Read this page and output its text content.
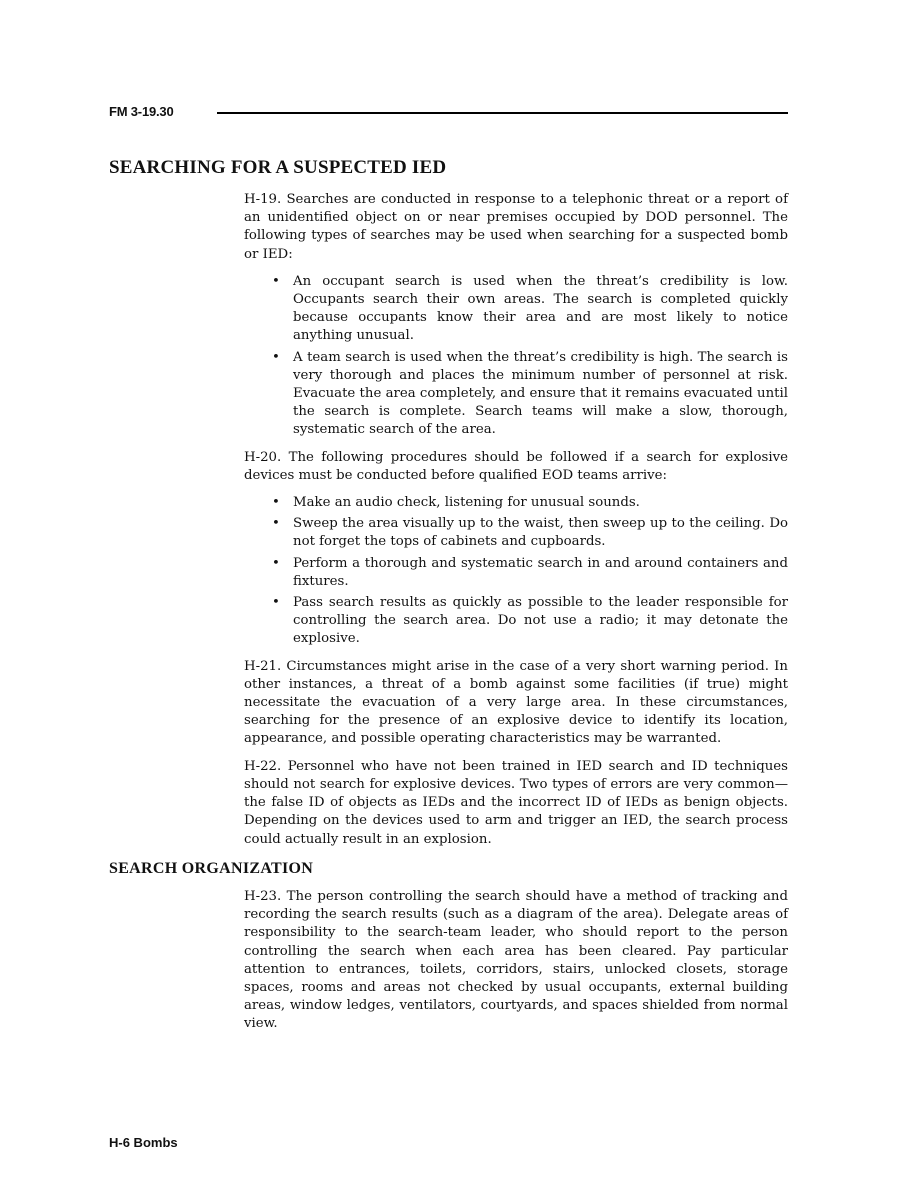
FM 3-19.30
SEARCHING FOR A SUSPECTED IED

H-19. Searches are conducted in response to a telephonic threat or a report of an unidentified object on or near premises occupied by DOD personnel. The following types of searches may be used when searching for a suspected bomb or IED:

• An occupant search is used when the threat’s credibility is low. Occupants search their own areas. The search is completed quickly because occupants know their area and are most likely to notice anything unusual.
• A team search is used when the threat’s credibility is high. The search is very thorough and places the minimum number of personnel at risk. Evacuate the area completely, and ensure that it remains evacuated until the search is complete. Search teams will make a slow, thorough, systematic search of the area.

H-20. The following procedures should be followed if a search for explosive devices must be conducted before qualified EOD teams arrive:

• Make an audio check, listening for unusual sounds.
• Sweep the area visually up to the waist, then sweep up to the ceiling. Do not forget the tops of cabinets and cupboards.
• Perform a thorough and systematic search in and around containers and fixtures.
• Pass search results as quickly as possible to the leader responsible for controlling the search area. Do not use a radio; it may detonate the explosive.

H-21. Circumstances might arise in the case of a very short warning period. In other instances, a threat of a bomb against some facilities (if true) might necessitate the evacuation of a very large area. In these circumstances, searching for the presence of an explosive device to identify its location, appearance, and possible operating characteristics may be warranted.

H-22. Personnel who have not been trained in IED search and ID techniques should not search for explosive devices. Two types of errors are very common—the false ID of objects as IEDs and the incorrect ID of IEDs as benign objects. Depending on the devices used to arm and trigger an IED, the search process could actually result in an explosion.

SEARCH ORGANIZATION

H-23. The person controlling the search should have a method of tracking and recording the search results (such as a diagram of the area). Delegate areas of responsibility to the search-team leader, who should report to the person controlling the search when each area has been cleared. Pay particular attention to entrances, toilets, corridors, stairs, unlocked closets, storage spaces, rooms and areas not checked by usual occupants, external building areas, window ledges, ventilators, courtyards, and spaces shielded from normal view.

H-6 Bombs
